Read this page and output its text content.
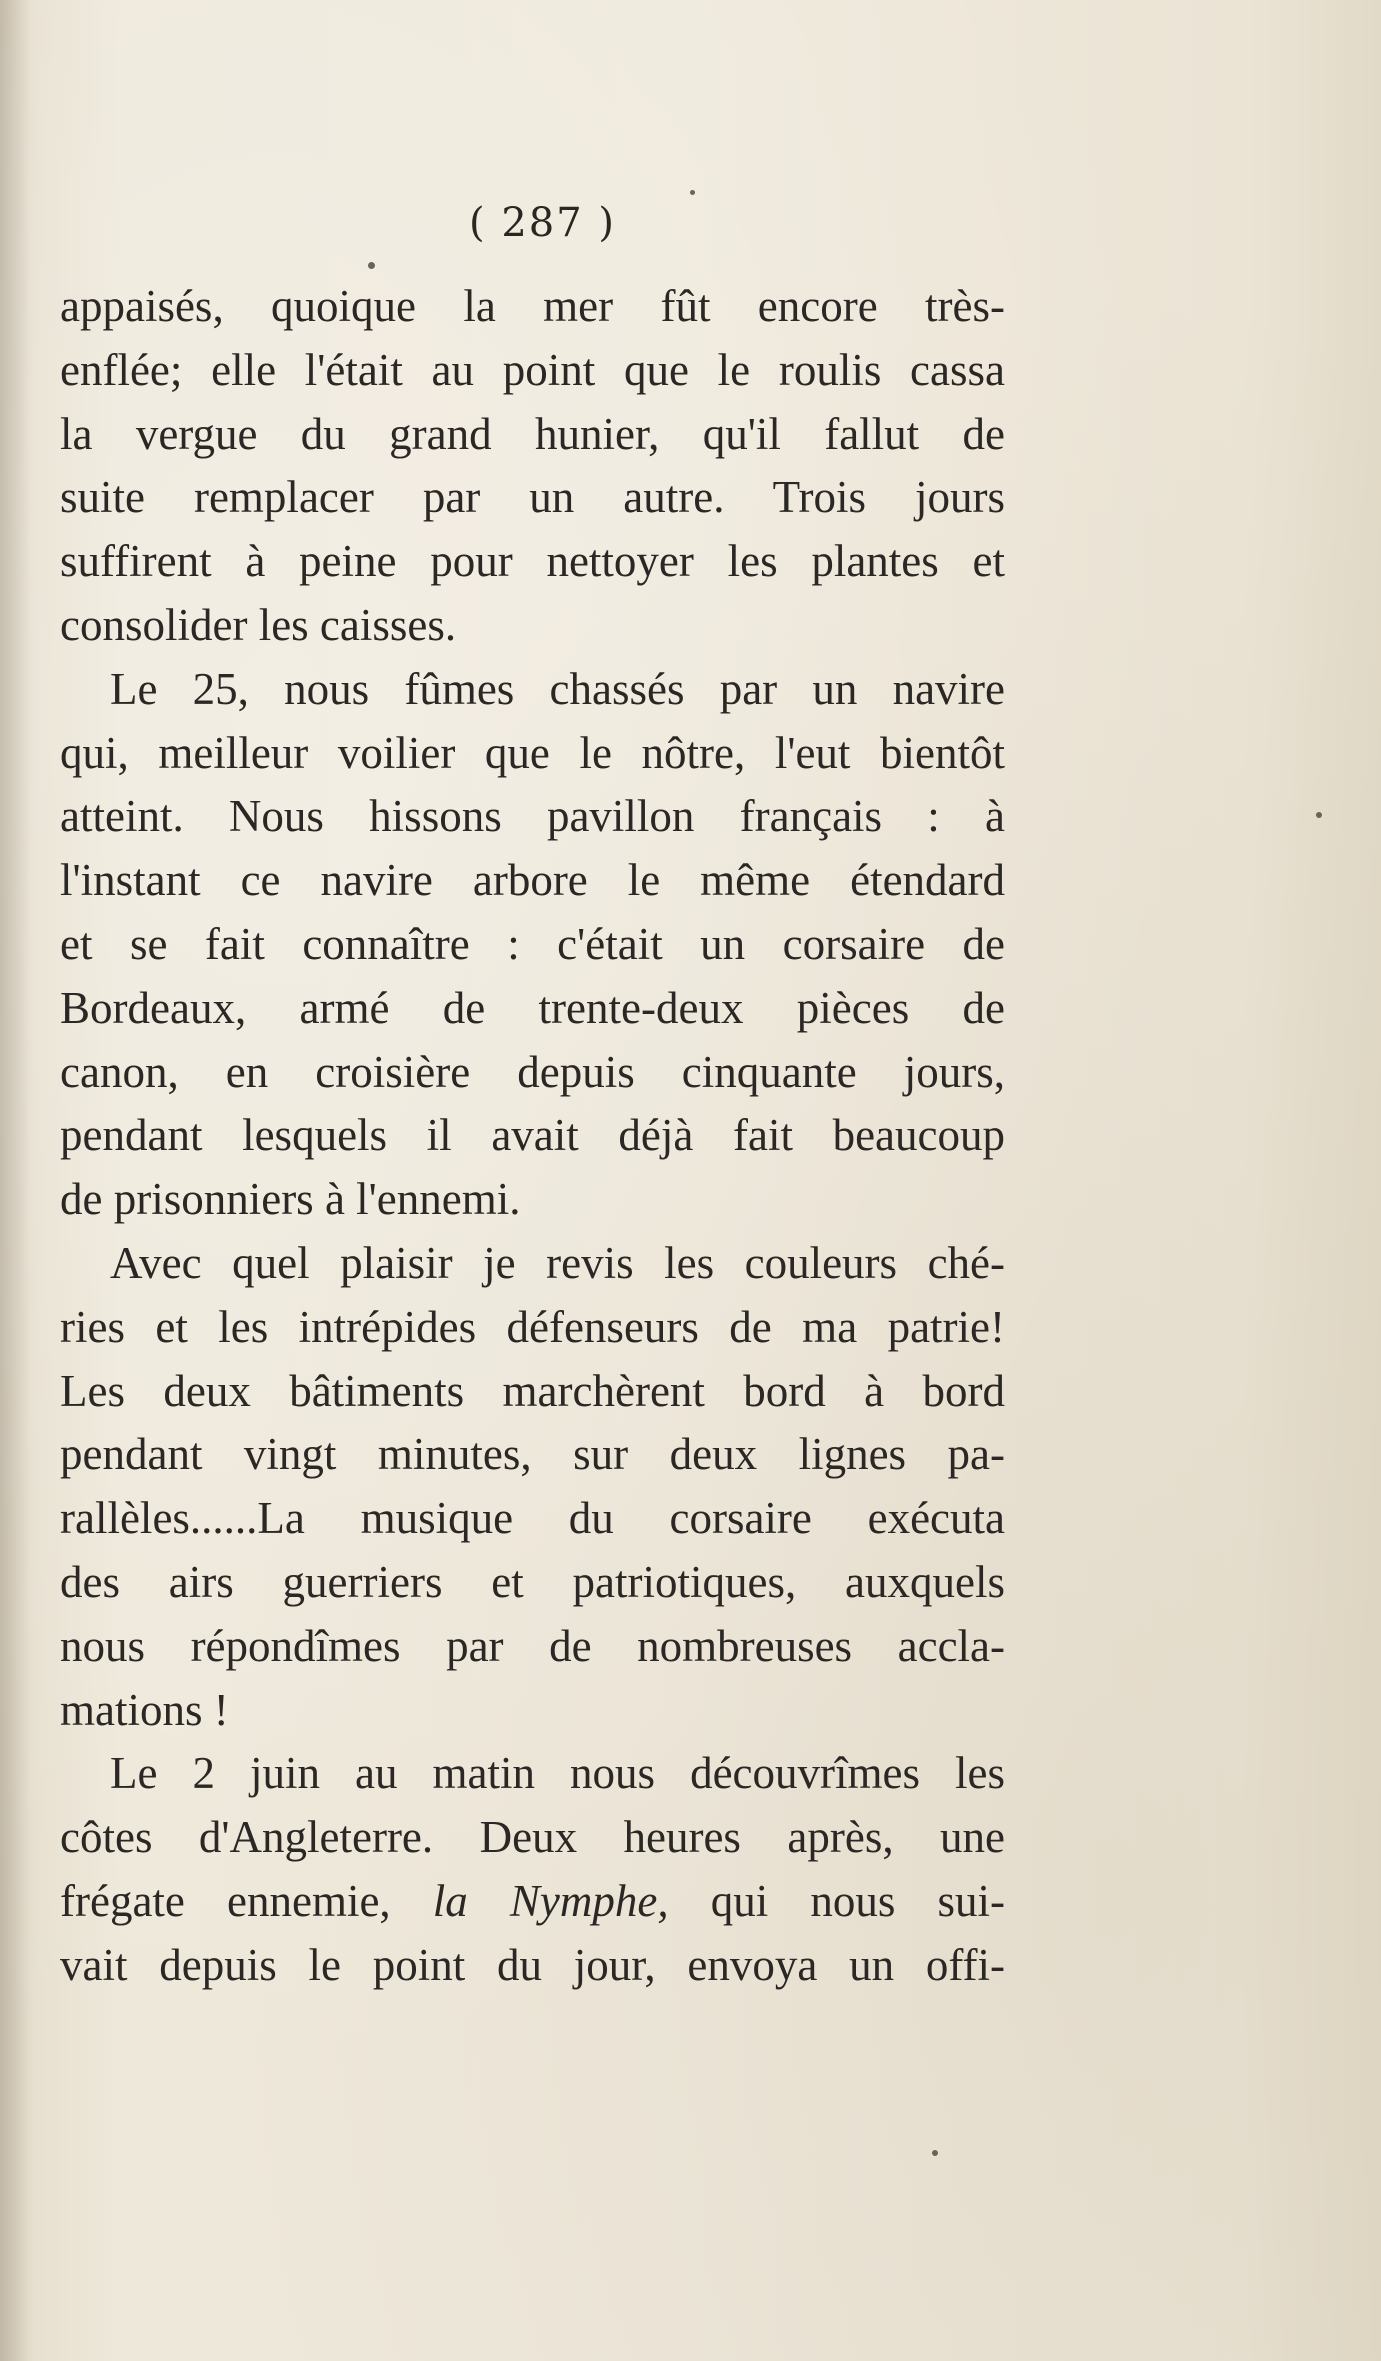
( 287 )
appaisés, quoique la mer fût encore très-
enflée; elle l'était au point que le roulis cassa
la vergue du grand hunier, qu'il fallut de
suite remplacer par un autre. Trois jours
suffirent à peine pour nettoyer les plantes et
consolider les caisses.
Le 25, nous fûmes chassés par un navire
qui, meilleur voilier que le nôtre, l'eut bientôt
atteint. Nous hissons pavillon français : à
l'instant ce navire arbore le même étendard
et se fait connaître : c'était un corsaire de
Bordeaux, armé de trente-deux pièces de
canon, en croisière depuis cinquante jours,
pendant lesquels il avait déjà fait beaucoup
de prisonniers à l'ennemi.
Avec quel plaisir je revis les couleurs ché-
ries et les intrépides défenseurs de ma patrie!
Les deux bâtiments marchèrent bord à bord
pendant vingt minutes, sur deux lignes pa-
rallèles......La musique du corsaire exécuta
des airs guerriers et patriotiques, auxquels
nous répondîmes par de nombreuses accla-
mations !
Le 2 juin au matin nous découvrîmes les
côtes d'Angleterre. Deux heures après, une
frégate ennemie, la Nymphe, qui nous sui-
vait depuis le point du jour, envoya un offi-
